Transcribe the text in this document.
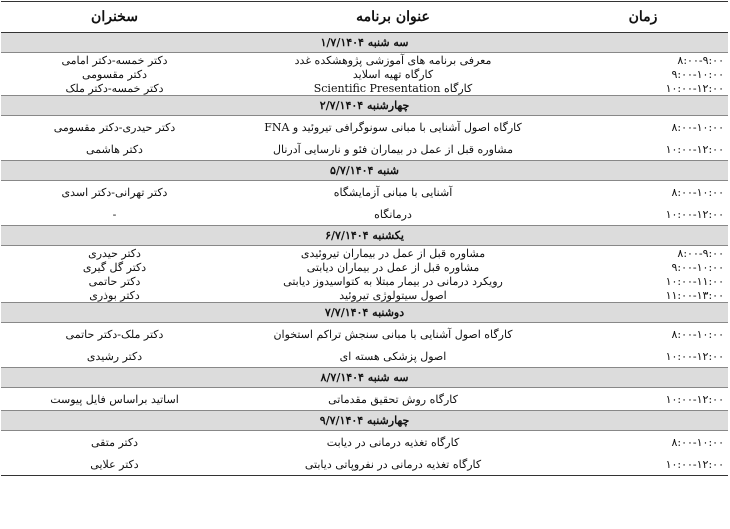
زمان	عنوان برنامه	سخنران
سه شنبه ۱/۷/۱۴۰۴		
۸:۰۰-۹:۰۰	معرفی برنامه های آموزشی پژوهشکده غدد	دکتر خمسه-دکتر امامی
۹:۰۰-۱۰:۰۰	کارگاه تهیه اسلاید	دکتر مقسومی
۱۰:۰۰-۱۲:۰۰	کارگاه Scientific Presentation	دکتر خمسه-دکتر ملک
چهارشنبه ۲/۷/۱۴۰۴		
۸:۰۰-۱۰:۰۰	کارگاه اصول آشنایی با مبانی سونوگرافی تیروئید و FNA	دکتر حیدری-دکتر مقسومی
۱۰:۰۰-۱۲:۰۰	مشاوره قبل از عمل در بیماران فئو و نارسایی آدرنال	دکتر هاشمی
شنبه ۵/۷/۱۴۰۴		
۸:۰۰-۱۰:۰۰	آشنایی با مبانی آزمایشگاه	دکتر تهرانی-دکتر اسدی
۱۰:۰۰-۱۲:۰۰	درمانگاه	-
یکشنبه ۶/۷/۱۴۰۴		
۸:۰۰-۹:۰۰	مشاوره قبل از عمل در بیماران تیروئیدی	دکتر حیدری
۹:۰۰-۱۰:۰۰	مشاوره قبل از عمل در بیماران دیابتی	دکتر گل گیری
۱۰:۰۰-۱۱:۰۰	رویکرد درمانی در بیمار مبتلا به کتواسیدوز دیابتی	دکتر حاتمی
۱۱:۰۰-۱۳:۰۰	اصول سیتولوژی تیروئید	دکتر بوذری
دوشنبه ۷/۷/۱۴۰۴		
۸:۰۰-۱۰:۰۰	کارگاه اصول آشنایی با مبانی سنجش تراکم استخوان	دکتر ملک-دکتر حاتمی
۱۰:۰۰-۱۲:۰۰	اصول پزشکی هسته ای	دکتر رشیدی
سه شنبه ۸/۷/۱۴۰۴		
۱۰:۰۰-۱۲:۰۰	کارگاه روش تحقیق مقدماتی	اساتید براساس فایل پیوست
چهارشنبه ۹/۷/۱۴۰۴		
۸:۰۰-۱۰:۰۰	کارگاه تغذیه درمانی در دیابت	دکتر متقی
۱۰:۰۰-۱۲:۰۰	کارگاه تغذیه درمانی در نفروپاتی دیابتی	دکتر علایی
